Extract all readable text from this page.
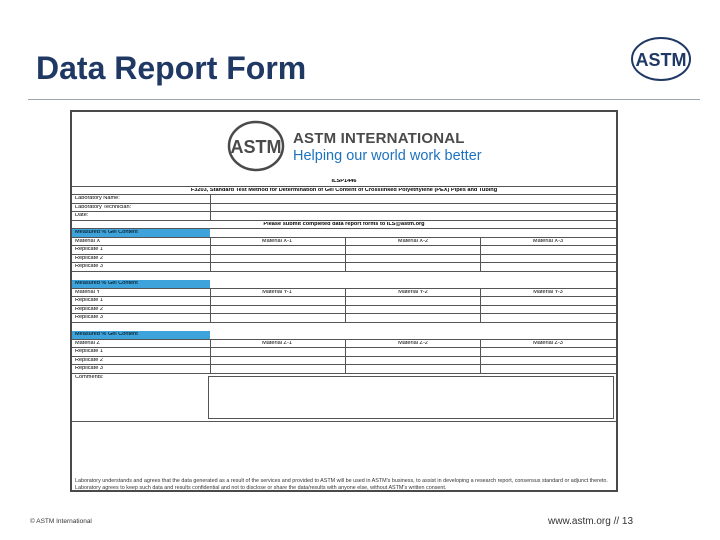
Data Report Form	ASTM
ASTM ASTM INTERNATIONAL
Helping our world work better
ILSP1446
F3203, Standard Test Method for Determination of Gel Content of Crosslinked Polyethylene (PEX) Pipes and Tubing
Laboratory Name:
Laboratory Technician:
Date:
Please submit completed data report forms to ILS@astm.org
Measured % Gel Content
Material X	Material X-1	Material X-2	Material X-3
Replicate 1
Replicate 2
Replicate 3
Measured % Gel Content
Material Y	Material Y-1	Material Y-2	Material Y-3
Replicate 1
Replicate 2
Replicate 3
Measured % Gel Content
Material Z	Material Z-1	Material Z-2	Material Z-3
Replicate 1
Replicate 2
Replicate 3
Comments:
Laboratory understands and agrees that the data generated as a result of the services and provided to ASTM will be used in ASTM's business, to assist in developing a research report, consensus standard or adjunct thereto. Laboratory agrees to keep such data and results confidential and not to disclose or share the data/results with anyone else, without ASTM's written consent.
© ASTM International	www.astm.org // 13
